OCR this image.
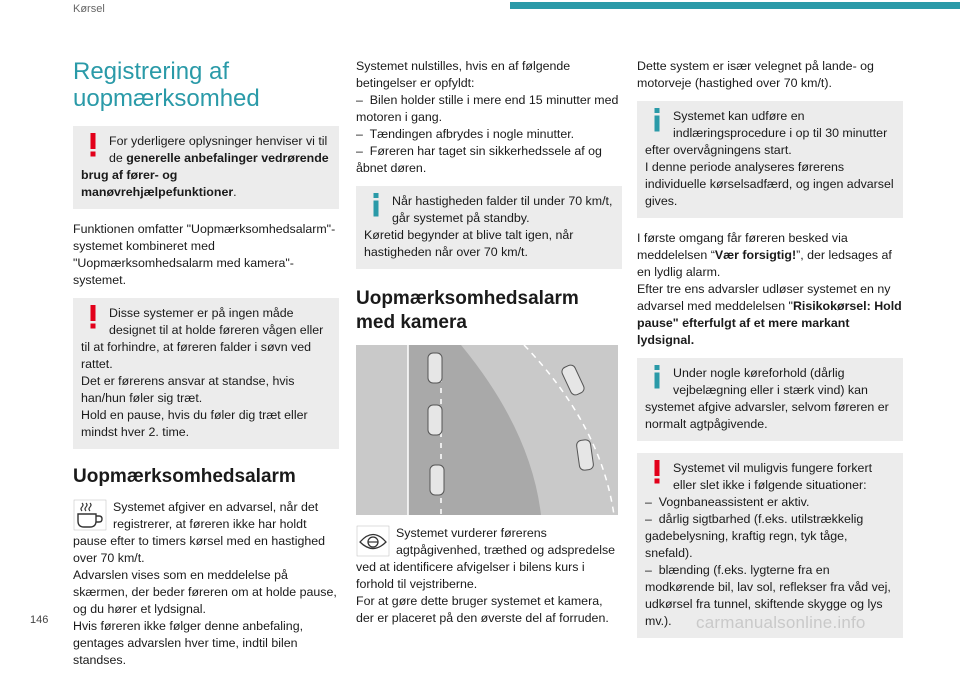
Kørsel
Registrering af uopmærksomhed
For yderligere oplysninger henviser vi til de generelle anbefalinger vedrørende brug af fører- og manøvrehjælpefunktioner.

Funktionen omfatter "Uopmærksomhedsalarm"-systemet kombineret med "Uopmærksomhedsalarm med kamera"-systemet.

Disse systemer er på ingen måde designet til at holde føreren vågen eller til at forhindre, at føreren falder i søvn ved rattet.
Det er førerens ansvar at standse, hvis han/hun føler sig træt.
Hold en pause, hvis du føler dig træt eller mindst hver 2. time.
Uopmærksomhedsalarm
Systemet afgiver en advarsel, når det registrerer, at føreren ikke har holdt pause efter to timers kørsel med en hastighed over 70 km/t.
Advarslen vises som en meddelelse på skærmen, der beder føreren om at holde pause, og du hører et lydsignal.
Hvis føreren ikke følger denne anbefaling, gentages advarslen hver time, indtil bilen standses.
Systemet nulstilles, hvis en af følgende betingelser er opfyldt:
–  Bilen holder stille i mere end 15 minutter med motoren i gang.
–  Tændingen afbrydes i nogle minutter.
–  Føreren har taget sin sikkerhedssele af og åbnet døren.
Når hastigheden falder til under 70 km/t, går systemet på standby.
Køretid begynder at blive talt igen, når hastigheden når over 70 km/t.
Uopmærksomhedsalarm med kamera
Systemet vurderer førerens agtpågivenhed, træthed og adspredelse ved at identificere afvigelser i bilens kurs i forhold til vejstriberne.
For at gøre dette bruger systemet et kamera, der er placeret på den øverste del af forruden.

Dette system er især velegnet på lande- og motorveje (hastighed over 70 km/t).

Systemet kan udføre en indlæringsprocedure i op til 30 minutter efter overvågningens start.
I denne periode analyseres førerens individuelle kørselsadfærd, og ingen advarsel gives.

I første omgang får føreren besked via meddelelsen “Vær forsigtig!”, der ledsages af en lydlig alarm.
Efter tre ens advarsler udløser systemet en ny advarsel med meddelelsen "Risikokørsel: Hold pause" efterfulgt af et mere markant lydsignal.

Under nogle køreforhold (dårlig vejbelægning eller i stærk vind) kan systemet afgive advarsler, selvom føreren er normalt agtpågivende.
Systemet vil muligvis fungere forkert eller slet ikke i følgende situationer:
–  Vognbaneassistent er aktiv.
–  dårlig sigtbarhed (f.eks. utilstrækkelig gadebelysning, kraftig regn, tyk tåge, snefald).
–  blænding (f.eks. lygterne fra en modkørende bil, lav sol, reflekser fra våd vej, udkørsel fra tunnel, skiftende skygge og lys mv.).
146	carmanualsonline.info
